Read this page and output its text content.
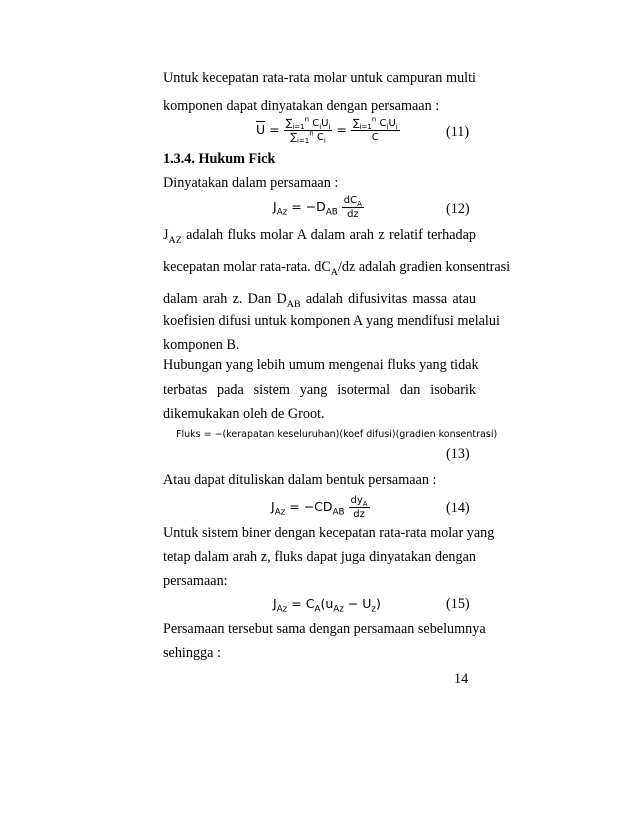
Untuk kecepatan rata-rata molar untuk campuran multi
komponen dapat dinyatakan dengan persamaan :
$\overline{U} = \frac{\sum_{i=1}^n C_iU_i}{\sum_{i=1}^n C_i} = \frac{\sum_{i=1}^n C_iU_i}{C}$	(11)
1.3.4. Hukum Fick
Dinyatakan dalam persamaan :
$J_{Az} = -D_{AB} \frac{dC_A}{dz}$	(12)
$J_{AZ}$ adalah fluks molar A dalam arah z relatif terhadap
kecepatan molar rata-rata. $dC_A/dz$ adalah gradien konsentrasi
dalam arah z. Dan $D_{AB}$ adalah difusivitas massa atau
koefisien difusi untuk komponen A yang mendifusi melalui
komponen B.
Hubungan yang lebih umum mengenai fluks yang tidak
terbatas pada sistem yang isotermal dan isobarik
dikemukakan oleh de Groot.
Fluks = −(kerapatan keseluruhan)(koef difusi)(gradien konsentrasi)
(13)
Atau dapat dituliskan dalam bentuk persamaan :
$J_{Az} = -CD_{AB} \frac{dy_A}{dz}$	(14)
Untuk sistem biner dengan kecepatan rata-rata molar yang
tetap dalam arah z, fluks dapat juga dinyatakan dengan
persamaan:
$J_{Az} = C_A(u_{Az} - U_z)$	(15)
Persamaan tersebut sama dengan persamaan sebelumnya
sehingga :
14
